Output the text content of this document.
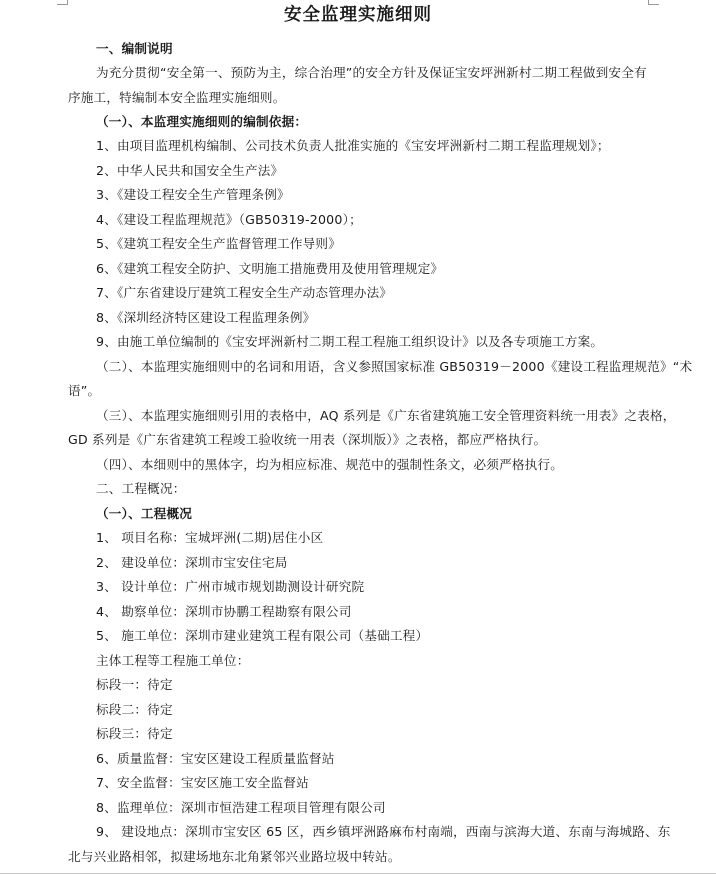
安全监理实施细则
一、编制说明
为充分贯彻“安全第一、预防为主，综合治理”的安全方针及保证宝安坪洲新村二期工程做到安全有
序施工，特编制本安全监理实施细则。
（一）、本监理实施细则的编制依据：
1、由项目监理机构编制、公司技术负责人批准实施的《宝安坪洲新村二期工程监理规划》；
2、中华人民共和国安全生产法》
3、《建设工程安全生产管理条例》
4、《建设工程监理规范》（GB50319-2000）；
5、《建筑工程安全生产监督管理工作导则》
6、《建筑工程安全防护、文明施工措施费用及使用管理规定》
7、《广东省建设厅建筑工程安全生产动态管理办法》
8、《深圳经济特区建设工程监理条例》
9、由施工单位编制的《宝安坪洲新村二期工程工程施工组织设计》以及各专项施工方案。
（二）、本监理实施细则中的名词和用语，含义参照国家标准 GB50319－2000《建设工程监理规范》“术
语”。
（三）、本监理实施细则引用的表格中，AQ 系列是《广东省建筑施工安全管理资料统一用表》之表格，
GD 系列是《广东省建筑工程竣工验收统一用表（深圳版）》之表格，都应严格执行。
（四）、本细则中的黑体字，均为相应标准、规范中的强制性条文，必须严格执行。
二、工程概况：
（一）、工程概况
1、 项目名称：宝城坪洲(二期)居住小区
2、 建设单位：深圳市宝安住宅局
3、 设计单位：广州市城市规划勘测设计研究院
4、 勘察单位：深圳市协鹏工程勘察有限公司
5、 施工单位：深圳市建业建筑工程有限公司（基础工程）
主体工程等工程施工单位：
标段一：待定
标段二：待定
标段三：待定
6、质量监督：宝安区建设工程质量监督站
7、安全监督：宝安区施工安全监督站
8、监理单位：深圳市恒浩建工程项目管理有限公司
9、 建设地点：深圳市宝安区 65 区，西乡镇坪洲路麻布村南端，西南与滨海大道、东南与海城路、东
北与兴业路相邻，拟建场地东北角紧邻兴业路垃圾中转站。
